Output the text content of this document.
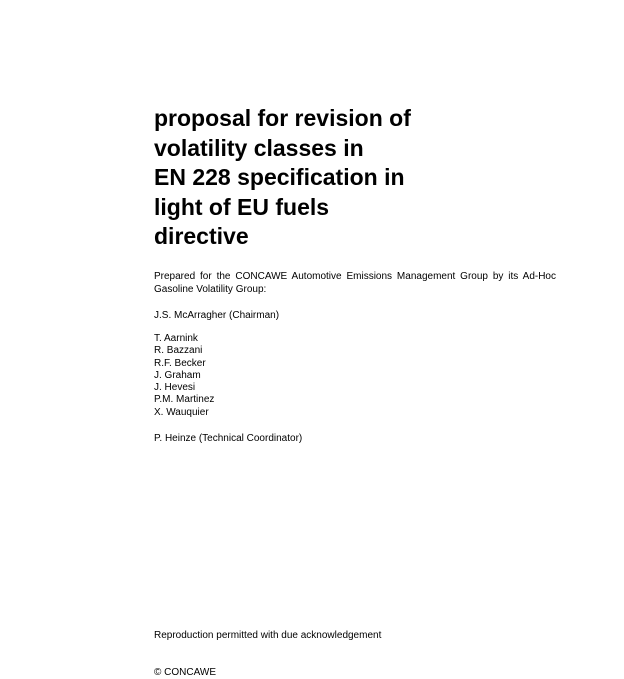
proposal for revision of
volatility classes in
EN 228 specification in
light of EU fuels
directive

Prepared for the CONCAWE Automotive Emissions Management Group by its Ad-Hoc Gasoline Volatility Group:

J.S. McArragher (Chairman)

T. Aarnink
R. Bazzani
R.F. Becker
J. Graham
J. Hevesi
P.M. Martinez
X. Wauquier

P. Heinze (Technical Coordinator)

Reproduction permitted with due acknowledgement

© CONCAWE
